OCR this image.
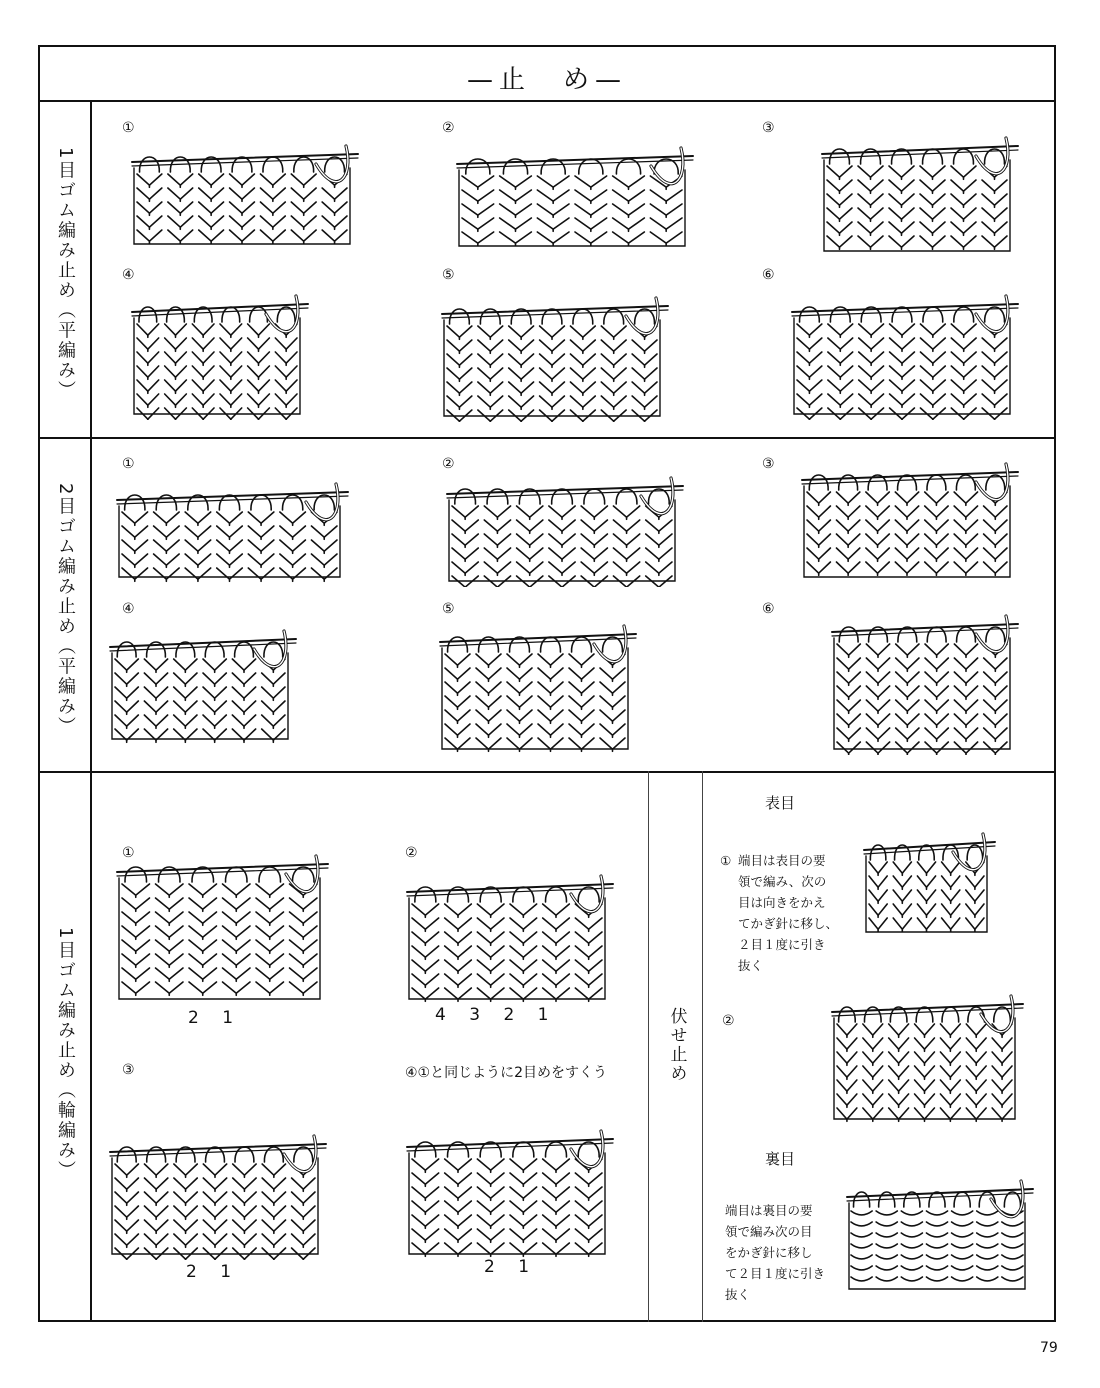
—止　め—
1目ゴム編み止め（平編み）
2目ゴム編み止め（平編み）
1目ゴム編み止め（輪編み）	伏せ止め
①	②	③
④	⑤	⑥
①	②	③
④	⑤	⑥
①	②
③	④①と同じように2目めをすくう
2 1	4 3 2 1
2 1	2 1
表目
① 端目は表目の要
領で編み、次の
目は向きをかえ
てかぎ針に移し、
２目１度に引き
抜く
②
裏目
端目は裏目の要
領で編み次の目
をかぎ針に移し
て２目１度に引き
抜く
79
